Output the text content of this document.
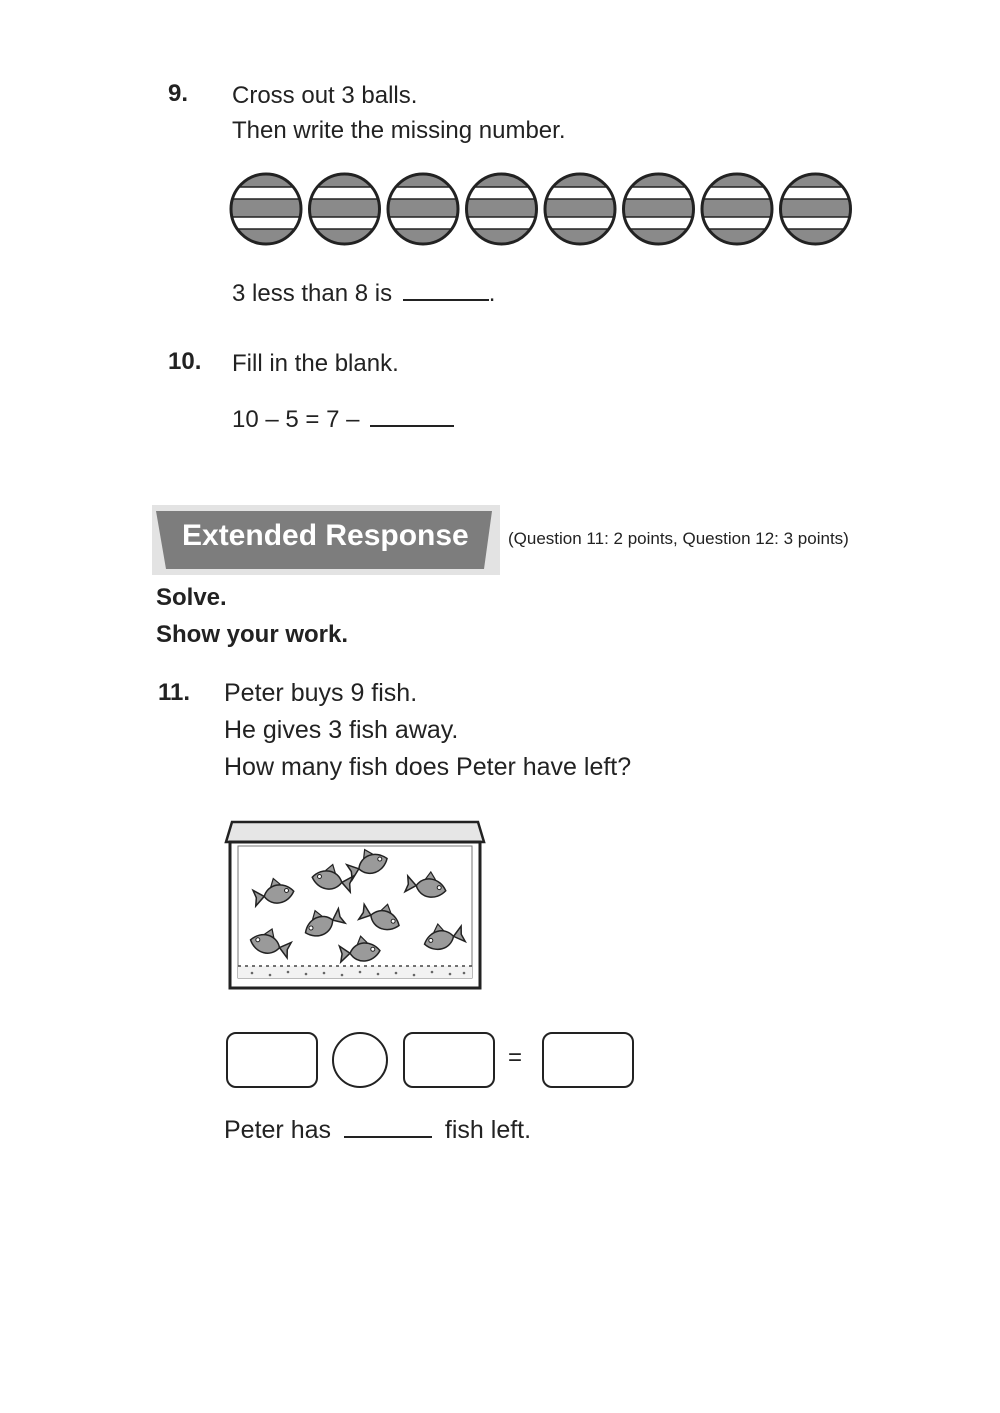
9. Cross out 3 balls.
Then write the missing number.
3 less than 8 is	.
10. Fill in the blank.
10 – 5 = 7 –
Extended Response (Question 11: 2 points, Question 12: 3 points)
Solve.
Show your work.
11. Peter buys 9 fish.
He gives 3 fish away.
How many fish does Peter have left?
=
Peter has	fish left.
